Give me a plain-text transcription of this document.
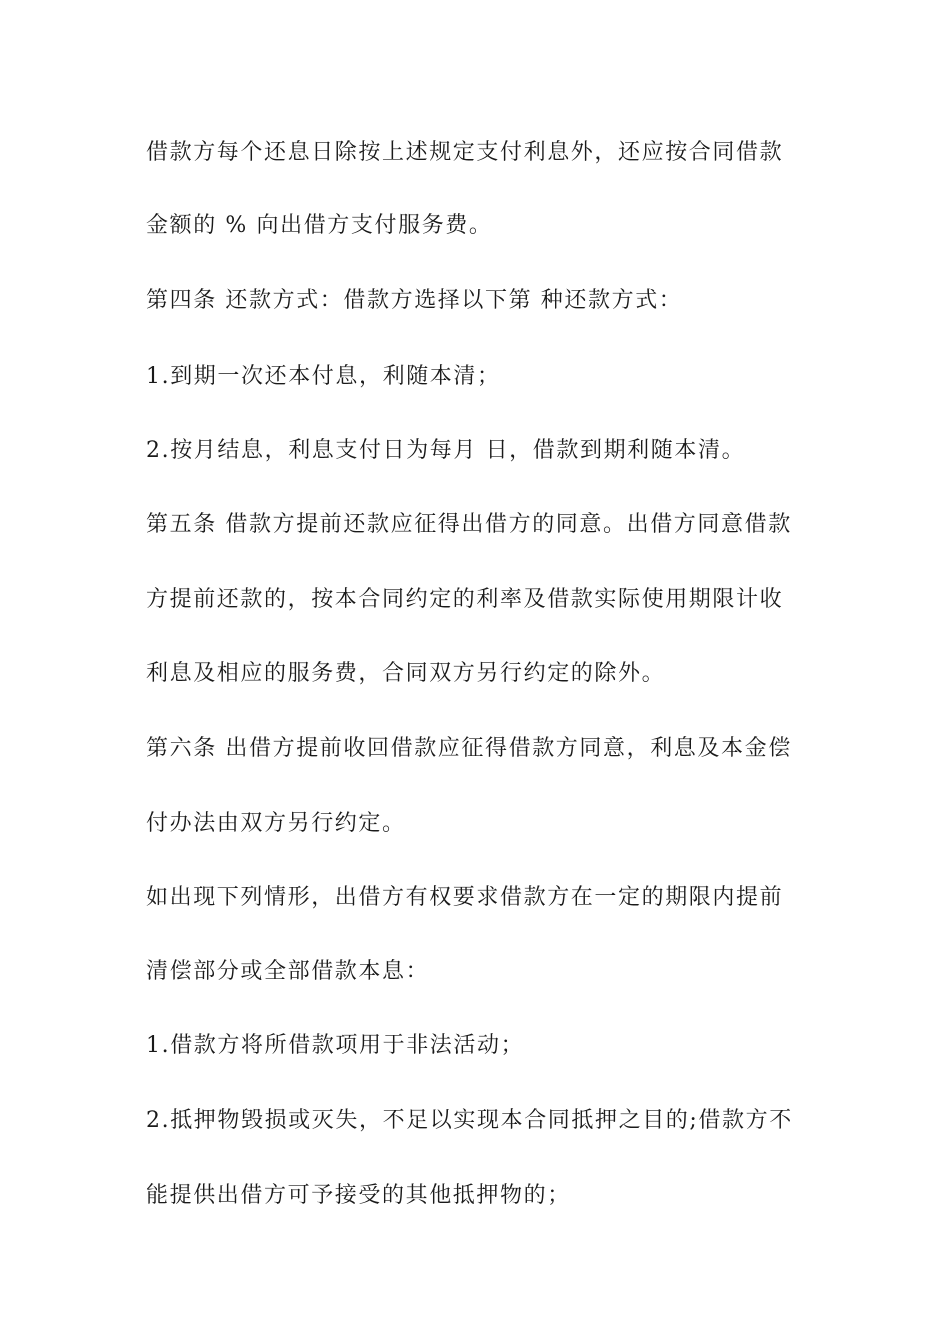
借款方每个还息日除按上述规定支付利息外，还应按合同借款
金额的 % 向出借方支付服务费。
第四条 还款方式：借款方选择以下第 种还款方式：
1.到期一次还本付息，利随本清；
2.按月结息，利息支付日为每月 日，借款到期利随本清。
第五条 借款方提前还款应征得出借方的同意。出借方同意借款
方提前还款的，按本合同约定的利率及借款实际使用期限计收
利息及相应的服务费，合同双方另行约定的除外。
第六条 出借方提前收回借款应征得借款方同意，利息及本金偿
付办法由双方另行约定。
如出现下列情形，出借方有权要求借款方在一定的期限内提前
清偿部分或全部借款本息：
1.借款方将所借款项用于非法活动；
2.抵押物毁损或灭失，不足以实现本合同抵押之目的;借款方不
能提供出借方可予接受的其他抵押物的；
